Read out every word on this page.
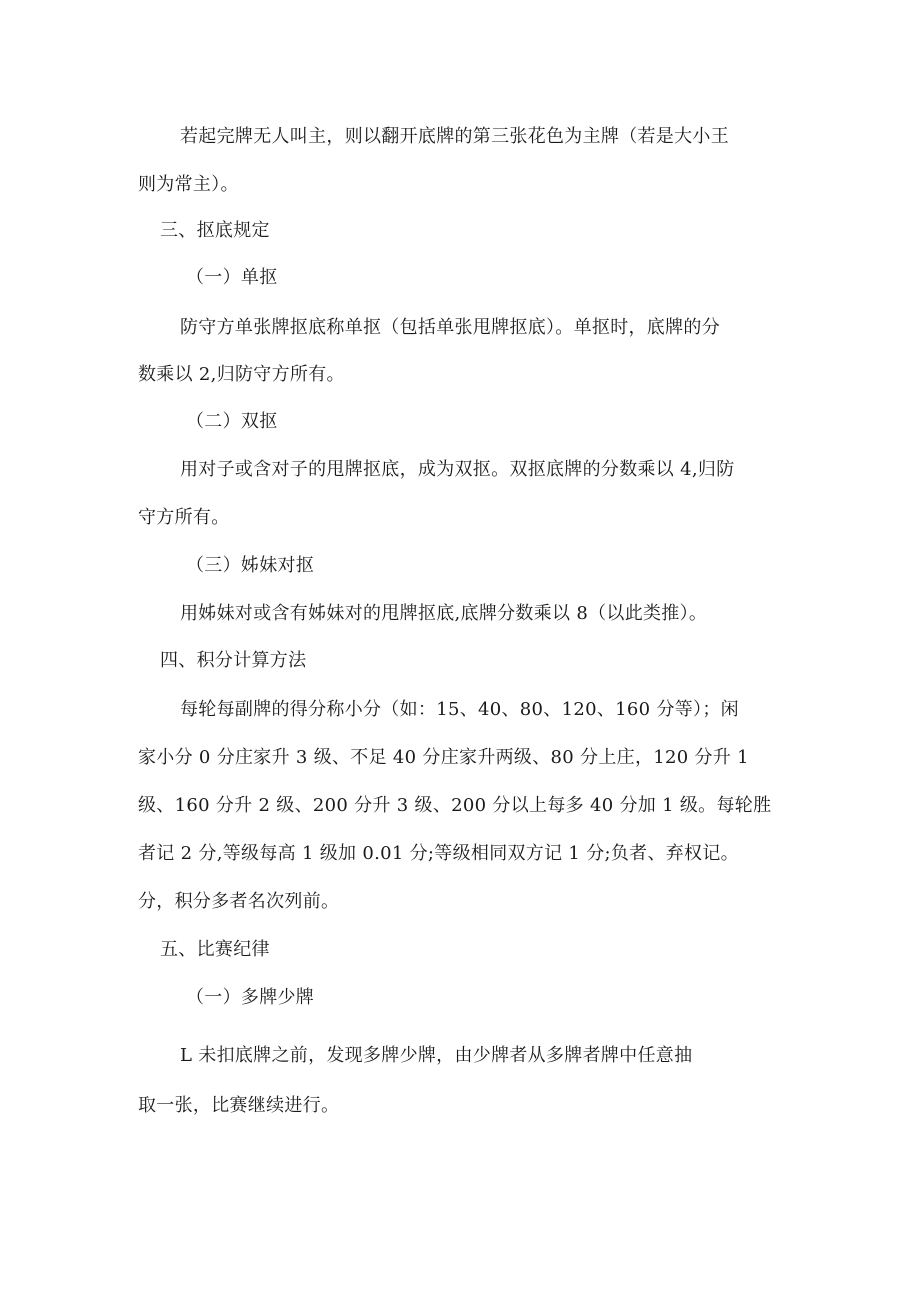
若起完牌无人叫主，则以翻开底牌的第三张花色为主牌（若是大小王
则为常主）。
三、抠底规定
（一）单抠
防守方单张牌抠底称单抠（包括单张甩牌抠底）。单抠时，底牌的分
数乘以 2,归防守方所有。
（二）双抠
用对子或含对子的甩牌抠底，成为双抠。双抠底牌的分数乘以 4,归防
守方所有。
（三）姊妹对抠
用姊妹对或含有姊妹对的甩牌抠底,底牌分数乘以 8（以此类推）。
四、积分计算方法
每轮每副牌的得分称小分（如：15、40、80、120、160 分等）；闲
家小分 0 分庄家升 3 级、不足 40 分庄家升两级、80 分上庄，120 分升 1
级、160 分升 2 级、200 分升 3 级、200 分以上每多 40 分加 1 级。每轮胜
者记 2 分,等级每高 1 级加 0.01 分;等级相同双方记 1 分;负者、弃权记。
分，积分多者名次列前。
五、比赛纪律
（一）多牌少牌
L 未扣底牌之前，发现多牌少牌，由少牌者从多牌者牌中任意抽
取一张，比赛继续进行。
